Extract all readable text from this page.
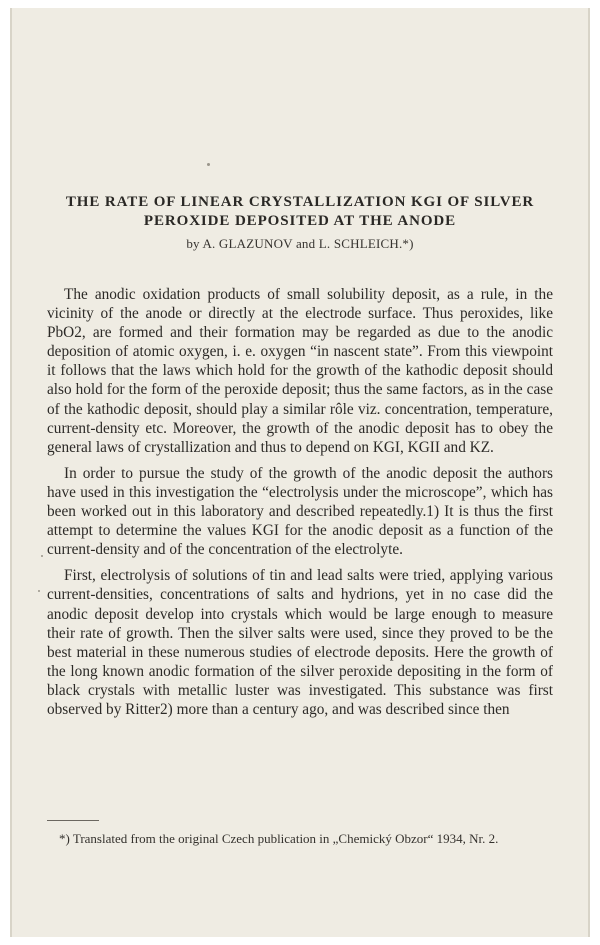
THE RATE OF LINEAR CRYSTALLIZATION KGI OF SILVER PEROXIDE DEPOSITED AT THE ANODE
by A. GLAZUNOV and L. SCHLEICH.*)

The anodic oxidation products of small solubility deposit, as a rule, in the vicinity of the anode or directly at the electrode surface. Thus peroxides, like PbO2, are formed and their formation may be regarded as due to the anodic deposition of atomic oxygen, i. e. oxygen “in nascent state”. From this viewpoint it follows that the laws which hold for the growth of the kathodic deposit should also hold for the form of the peroxide deposit; thus the same factors, as in the case of the kathodic deposit, should play a similar rôle viz. concentration, temperature, current-density etc. Moreover, the growth of the anodic deposit has to obey the general laws of crystallization and thus to depend on KGI, KGII and KZ.

In order to pursue the study of the growth of the anodic deposit the authors have used in this investigation the “electrolysis under the microscope”, which has been worked out in this laboratory and described repeatedly.1) It is thus the first attempt to determine the values KGI for the anodic deposit as a function of the current-density and of the concentration of the electrolyte.

First, electrolysis of solutions of tin and lead salts were tried, applying various current-densities, concentrations of salts and hydrions, yet in no case did the anodic deposit develop into crystals which would be large enough to measure their rate of growth. Then the silver salts were used, since they proved to be the best material in these numerous studies of electrode deposits. Here the growth of the long known anodic formation of the silver peroxide depositing in the form of black crystals with metallic luster was investigated. This substance was first observed by Ritter2) more than a century ago, and was described since then

*) Translated from the original Czech publication in „Chemický Obzor“ 1934, Nr. 2.
